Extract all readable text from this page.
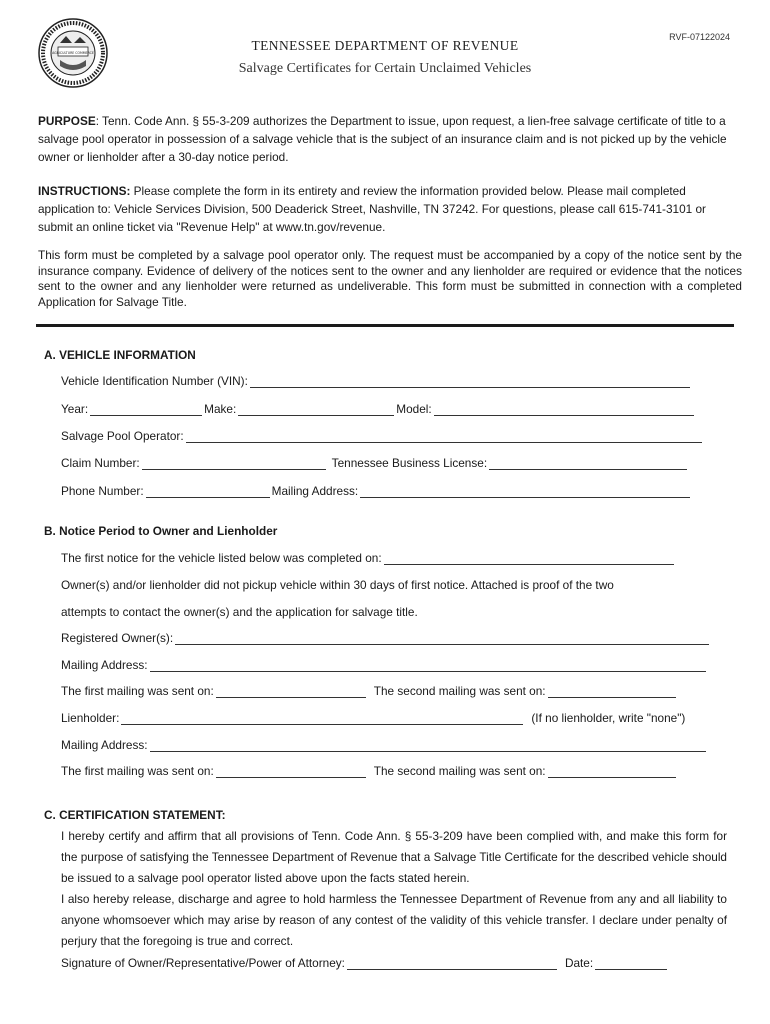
AGRICULTURE COMMERCE
RVF-07122024
TENNESSEE DEPARTMENT OF REVENUE
Salvage Certificates for Certain Unclaimed Vehicles
PURPOSE: Tenn. Code Ann. § 55-3-209 authorizes the Department to issue, upon request, a lien-free salvage certificate of title to a salvage pool operator in possession of a salvage vehicle that is the subject of an insurance claim and is not picked up by the vehicle owner or lienholder after a 30-day notice period.
INSTRUCTIONS: Please complete the form in its entirety and review the information provided below. Please mail completed application to: Vehicle Services Division, 500 Deaderick Street, Nashville, TN 37242. For questions, please call 615-741-3101 or submit an online ticket via "Revenue Help" at www.tn.gov/revenue.
This form must be completed by a salvage pool operator only. The request must be accompanied by a copy of the notice sent by the insurance company. Evidence of delivery of the notices sent to the owner and any lienholder are required or evidence that the notices sent to the owner and any lienholder were returned as undeliverable. This form must be submitted in connection with a completed Application for Salvage Title.
A. VEHICLE INFORMATION
Vehicle Identification Number (VIN):
Year:	Make:	Model:
Salvage Pool Operator:
Claim Number:	Tennessee Business License:
Phone Number:	Mailing Address:
B. Notice Period to Owner and Lienholder
The first notice for the vehicle listed below was completed on:
Owner(s) and/or lienholder did not pickup vehicle within 30 days of first notice. Attached is proof of the two
attempts to contact the owner(s) and the application for salvage title.
Registered Owner(s):
Mailing Address:
The first mailing was sent on:	The second mailing was sent on:
Lienholder:	(If no lienholder, write "none")
Mailing Address:
The first mailing was sent on:	The second mailing was sent on:
C. CERTIFICATION STATEMENT:
I hereby certify and affirm that all provisions of Tenn. Code Ann. § 55-3-209 have been complied with, and make this form for the purpose of satisfying the Tennessee Department of Revenue that a Salvage Title Certificate for the described vehicle should be issued to a salvage pool operator listed above upon the facts stated herein.
I also hereby release, discharge and agree to hold harmless the Tennessee Department of Revenue from any and all liability to anyone whomsoever which may arise by reason of any contest of the validity of this vehicle transfer. I declare under penalty of perjury that the foregoing is true and correct.
Signature of Owner/Representative/Power of Attorney:	Date:
